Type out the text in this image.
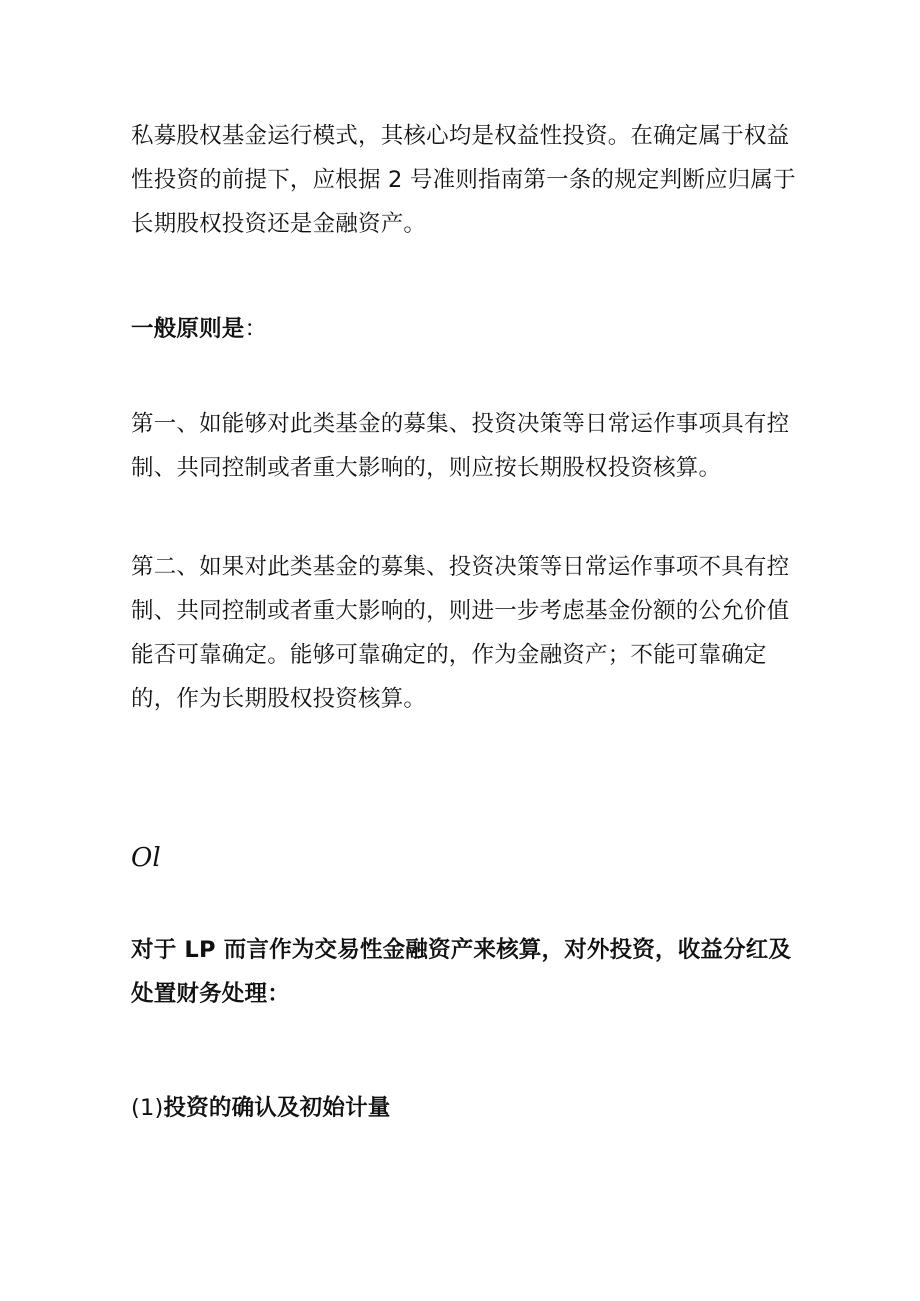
私募股权基金运行模式，其核心均是权益性投资。在确定属于权益性投资的前提下，应根据 2 号准则指南第一条的规定判断应归属于长期股权投资还是金融资产。

一般原则是：

第一、如能够对此类基金的募集、投资决策等日常运作事项具有控制、共同控制或者重大影响的，则应按长期股权投资核算。

第二、如果对此类基金的募集、投资决策等日常运作事项不具有控制、共同控制或者重大影响的，则进一步考虑基金份额的公允价值能否可靠确定。能够可靠确定的，作为金融资产；不能可靠确定的，作为长期股权投资核算。

Ol

对于 LP 而言作为交易性金融资产来核算，对外投资，收益分红及处置财务处理：

(1)投资的确认及初始计量
